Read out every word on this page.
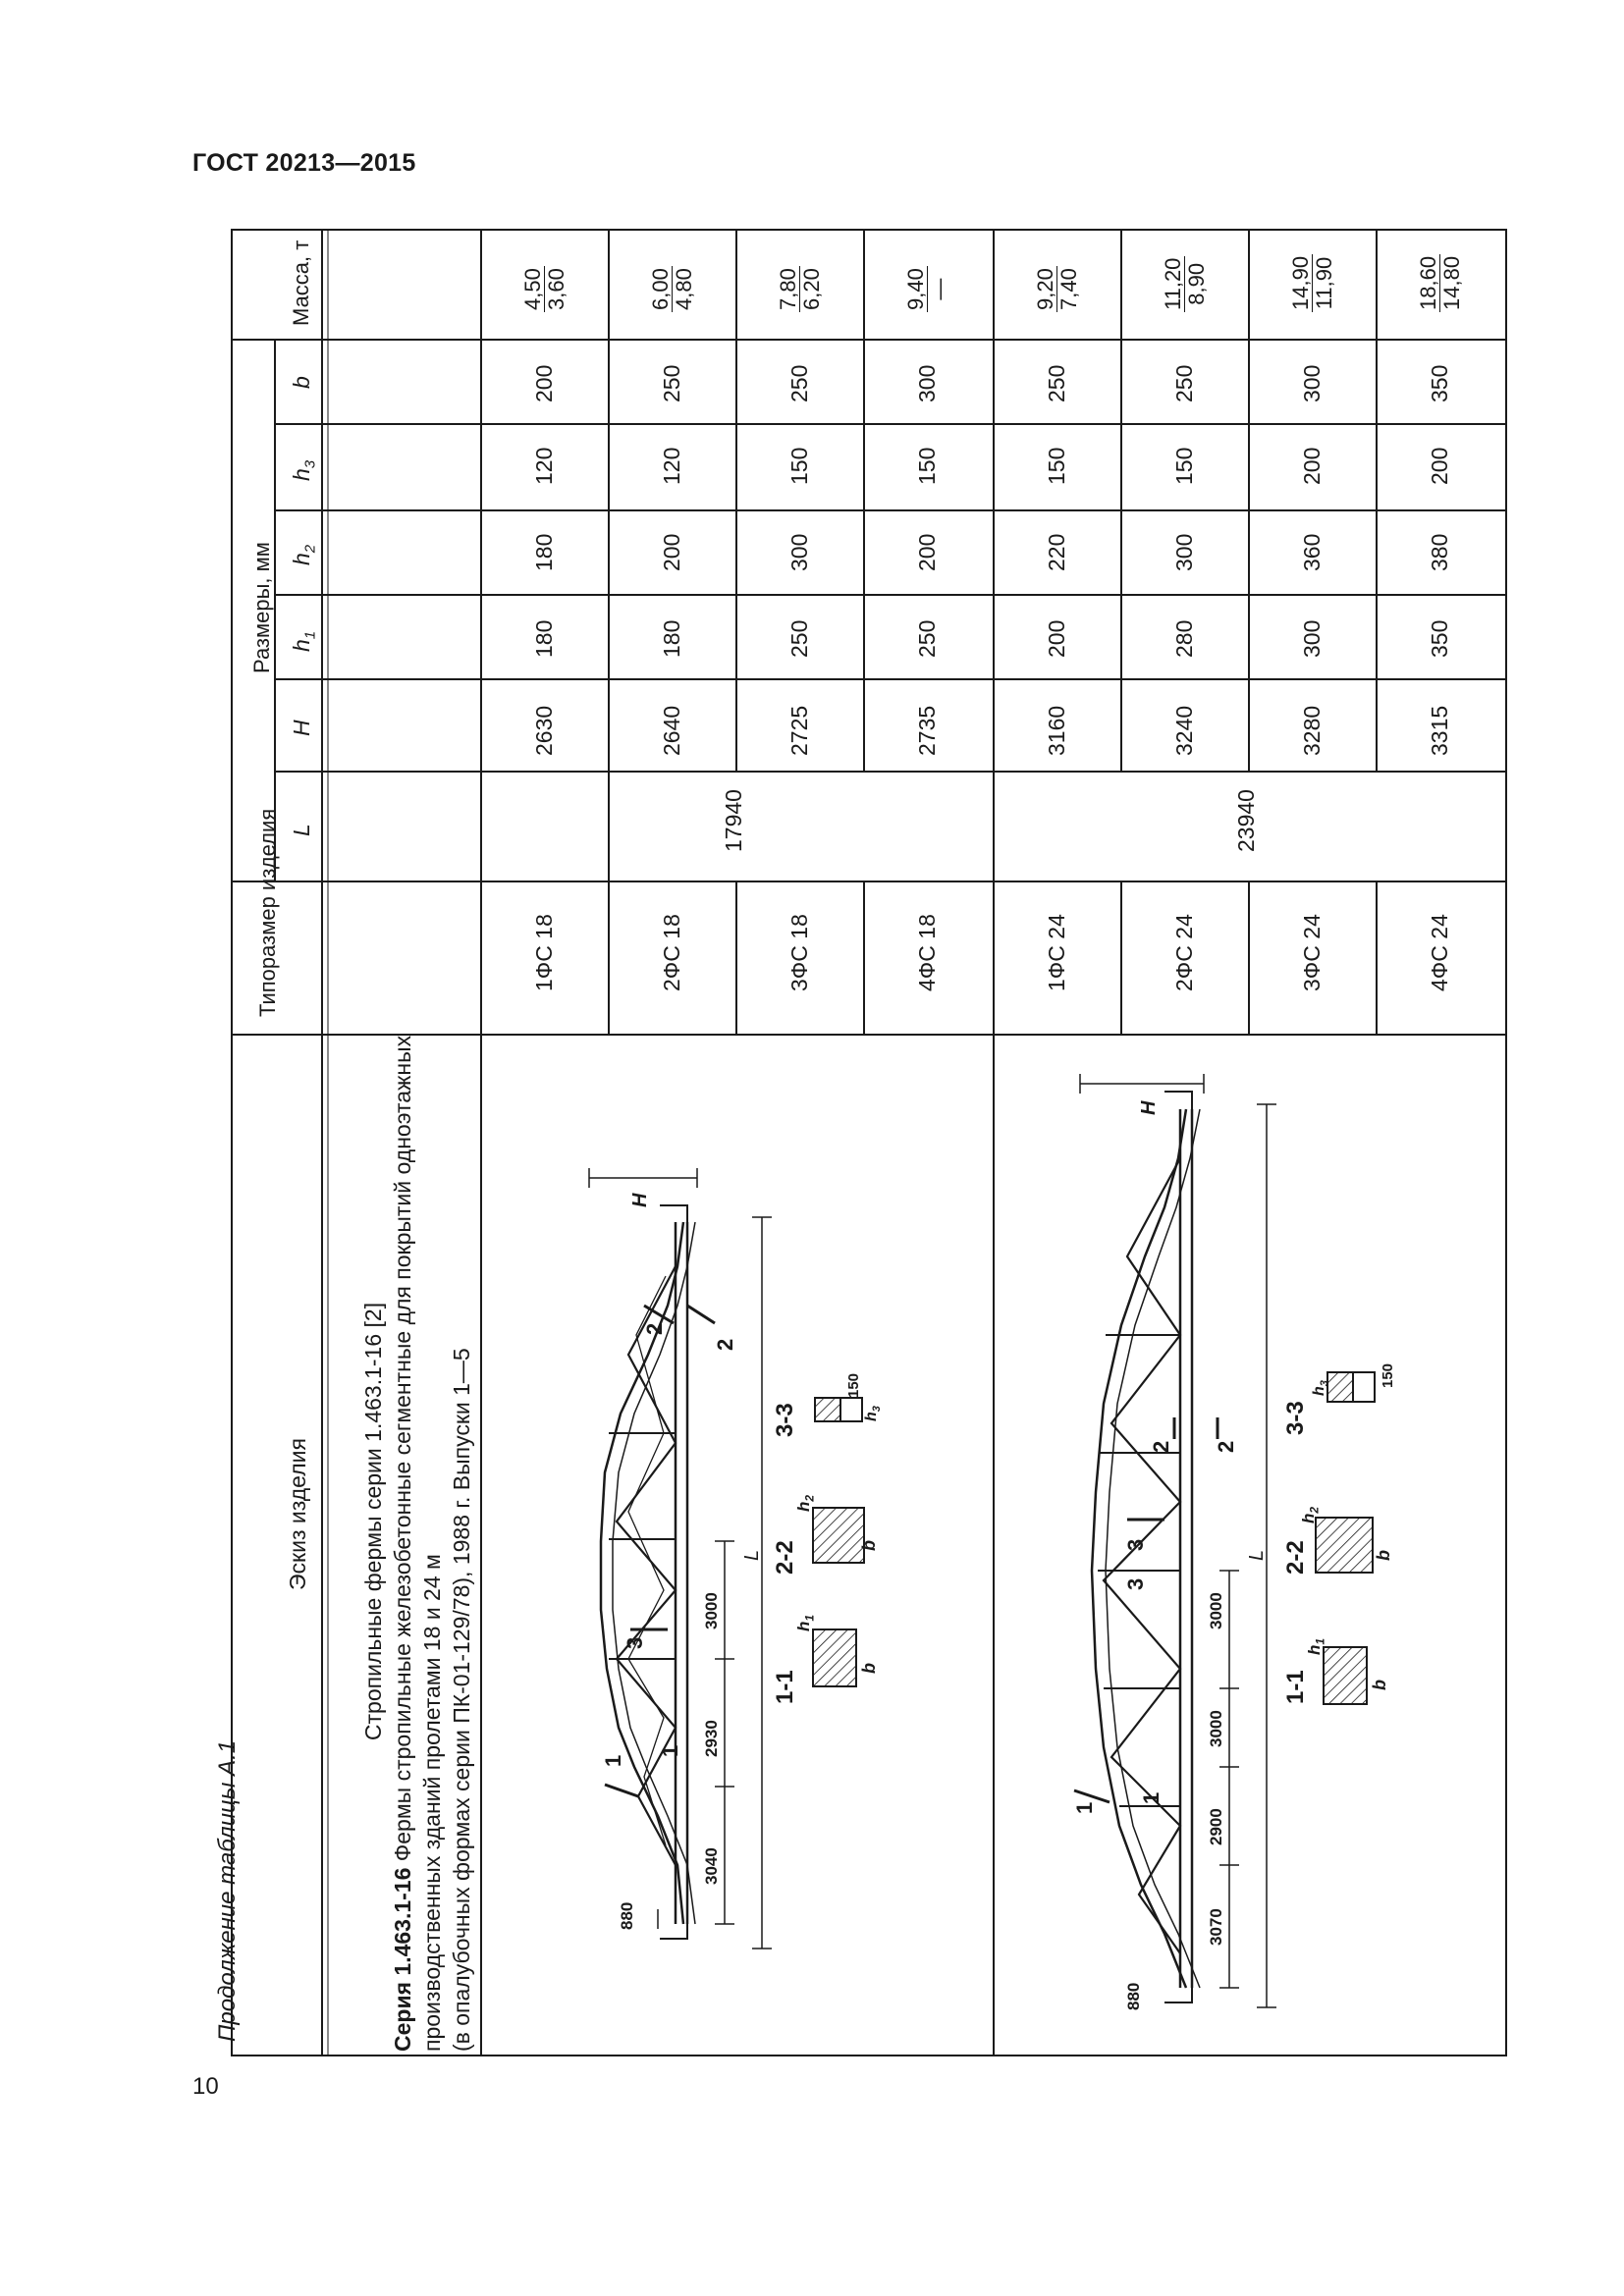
ГОСТ 20213—2015
10
Продолжение таблицы А.1
Эскиз изделия
Типоразмер изделия
Размеры, мм
Масса, т
L
H
$h_1$
$h_2$
$h_3$
b
Стропильные фермы серии 1.463.1-16 [2]
Серия 1.463.1-16 Фермы стропильные железобетонные сегментные для покрытий одноэтажных производственных зданий пролетами 18 и 24 м (в опалубочных формах серии ПК-01-129/78), 1988 г. Выпуски 1—5
1ФС 18
2630
180
180
120
200
4,50 3,60
2ФС 18
2640
180
200
120
250
6,00 4,80
3ФС 18
2725
250
300
150
250
7,80 6,20
4ФС 18
2735
250
200
150
300
9,40 —
1ФС 24
3160
200
220
150
250
9,20 7,40
2ФС 24
3240
280
300
150
250
11,20 8,90
3ФС 24
3280
300
360
200
300
14,90 11,90
4ФС 24
3315
350
380
200
350
18,60 14,80
17940	23940
H
L
880
3040
2930
3000
1-1
2-2
3-3
b
b
$h_1$
$h_2$
$h_3$
150
1
1
3
2
2
H
L
880
3070
2900
3000
3000
1-1
2-2
3-3
b
b
$h_1$
$h_2$
$h_3$	150
1
1
3
3
2 2
